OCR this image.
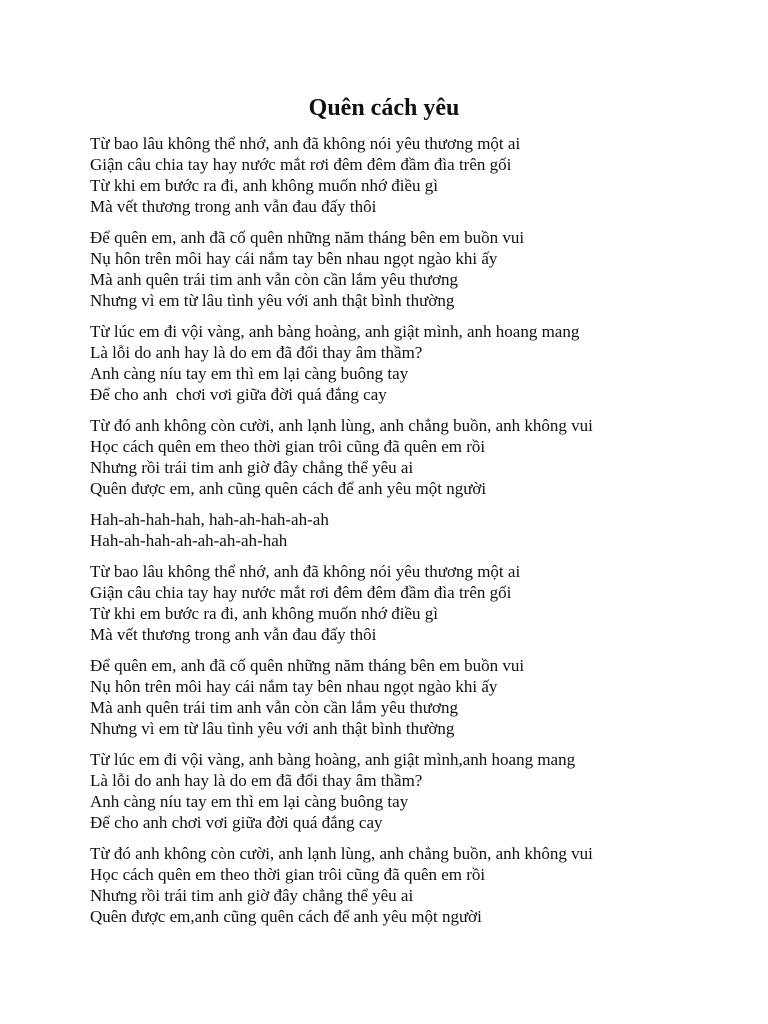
Quên cách yêu
Từ bao lâu không thể nhớ, anh đã không nói yêu thương một ai
Giận câu chia tay hay nước mắt rơi đêm đêm đầm đìa trên gối
Từ khi em bước ra đi, anh không muốn nhớ điều gì
Mà vết thương trong anh vẫn đau đấy thôi
Để quên em, anh đã cố quên những năm tháng bên em buồn vui
Nụ hôn trên môi hay cái nắm tay bên nhau ngọt ngào khi ấy
Mà anh quên trái tim anh vẫn còn cần lắm yêu thương
Nhưng vì em từ lâu tình yêu với anh thật bình thường
Từ lúc em đi vội vàng, anh bàng hoàng, anh giật mình, anh hoang mang
Là lỗi do anh hay là do em đã đổi thay âm thầm?
Anh càng níu tay em thì em lại càng buông tay
Để cho anh  chơi vơi giữa đời quá đắng cay
Từ đó anh không còn cười, anh lạnh lùng, anh chẳng buồn, anh không vui
Học cách quên em theo thời gian trôi cũng đã quên em rồi
Nhưng rồi trái tim anh giờ đây chẳng thể yêu ai
Quên được em, anh cũng quên cách để anh yêu một người
Hah-ah-hah-hah, hah-ah-hah-ah-ah
Hah-ah-hah-ah-ah-ah-ah-hah
Từ bao lâu không thể nhớ, anh đã không nói yêu thương một ai
Giận câu chia tay hay nước mắt rơi đêm đêm đầm đìa trên gối
Từ khi em bước ra đi, anh không muốn nhớ điều gì
Mà vết thương trong anh vẫn đau đấy thôi
Để quên em, anh đã cố quên những năm tháng bên em buồn vui
Nụ hôn trên môi hay cái nắm tay bên nhau ngọt ngào khi ấy
Mà anh quên trái tim anh vẫn còn cần lắm yêu thương
Nhưng vì em từ lâu tình yêu với anh thật bình thường
Từ lúc em đi vội vàng, anh bàng hoàng, anh giật mình,anh hoang mang
Là lỗi do anh hay là do em đã đổi thay âm thầm?
Anh càng níu tay em thì em lại càng buông tay
Để cho anh chơi vơi giữa đời quá đắng cay
Từ đó anh không còn cười, anh lạnh lùng, anh chẳng buồn, anh không vui
Học cách quên em theo thời gian trôi cũng đã quên em rồi
Nhưng rồi trái tim anh giờ đây chẳng thể yêu ai
Quên được em,anh cũng quên cách để anh yêu một người
